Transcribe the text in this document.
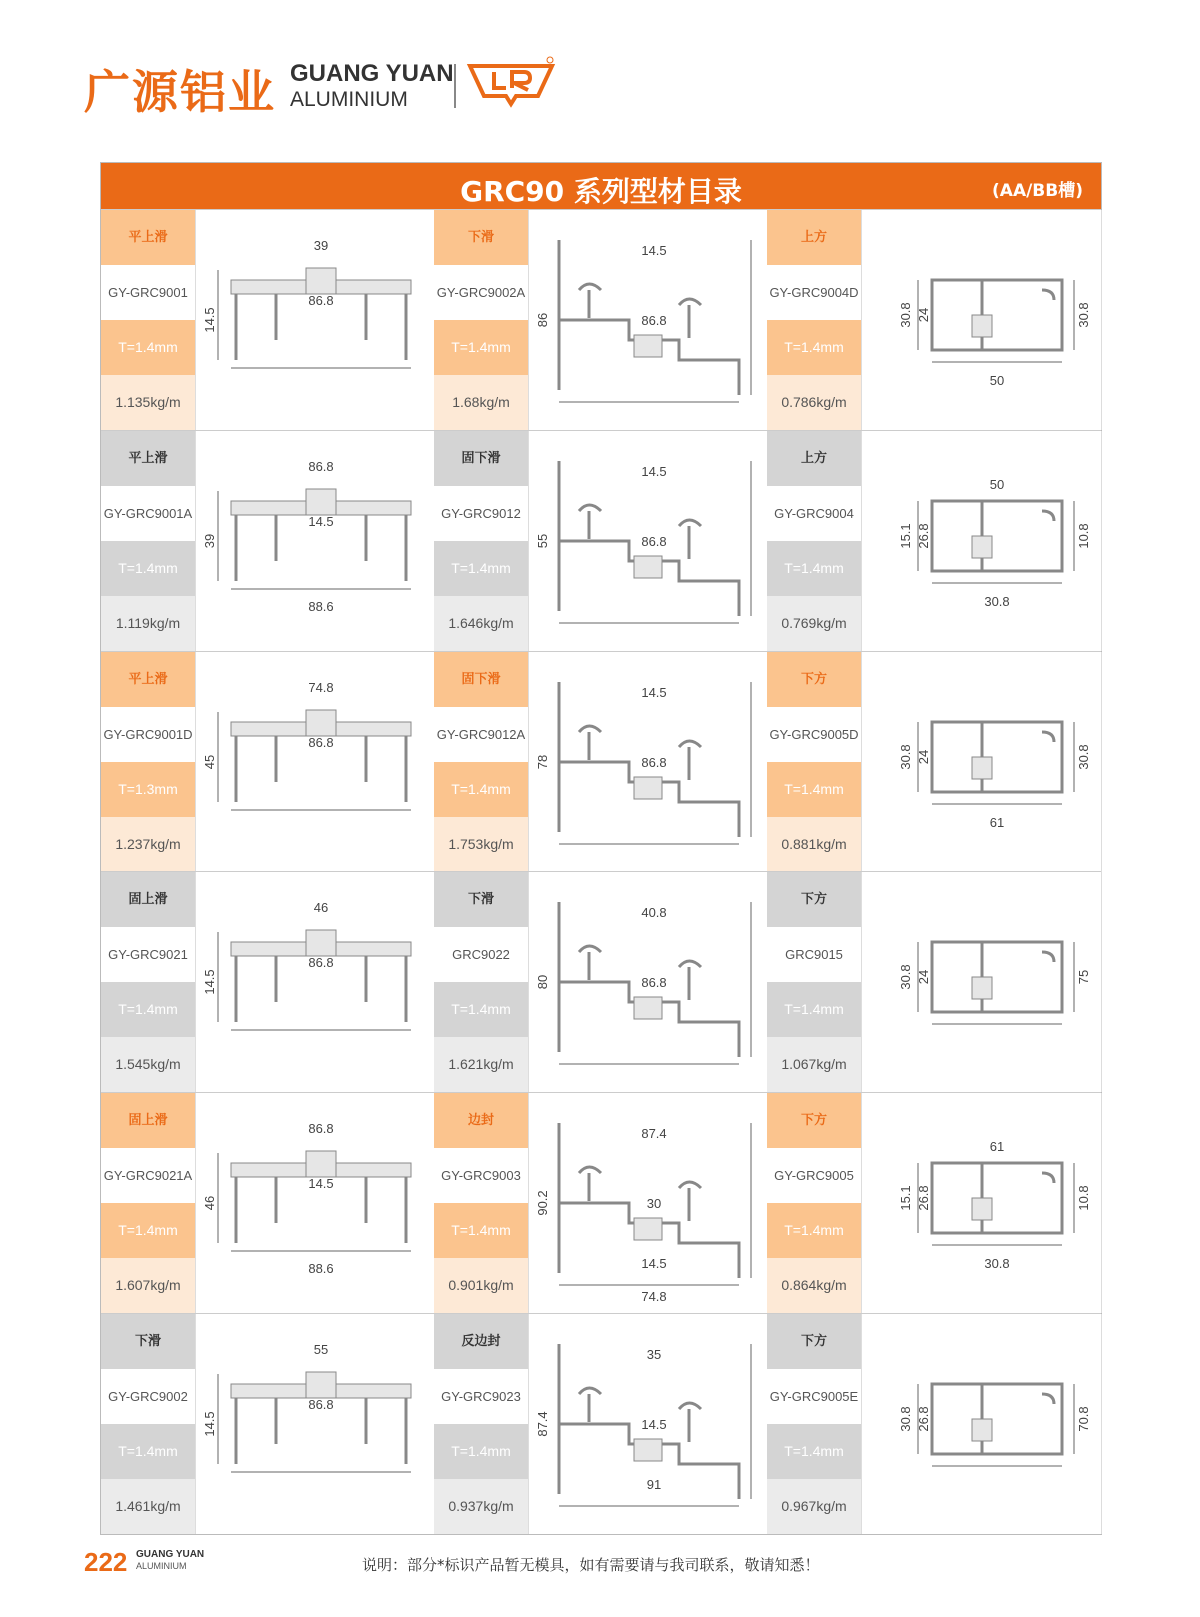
广源铝业 GUANG YUAN
ALUMINIUM
GRC90 系列型材目录	(AA/BB槽)
平上滑
GY-GRC9001
T=1.4mm
1.135kg/m
39
14.5
86.8
下滑
GY-GRC9002A
T=1.4mm
1.68kg/m
86
14.5
86.8
上方
GY-GRC9004D
T=1.4mm
0.786kg/m
30.8 24	30.8
50
平上滑
GY-GRC9001A
T=1.4mm
1.119kg/m
86.8
39
14.5
88.6
固下滑
GY-GRC9012
T=1.4mm
1.646kg/m
55
14.5
86.8
上方
GY-GRC9004
T=1.4mm
0.769kg/m
15.1 26.8	10.8
30.8
50
平上滑
GY-GRC9001D
T=1.3mm
1.237kg/m
74.8
45
86.8
固下滑
GY-GRC9012A
T=1.4mm
1.753kg/m
78
14.5
86.8
下方
GY-GRC9005D
T=1.4mm
0.881kg/m
30.8 24	30.8
61
固上滑
GY-GRC9021
T=1.4mm
1.545kg/m
46
14.5
86.8
下滑
GRC9022
T=1.4mm
1.621kg/m
80
40.8
86.8
下方
GRC9015
T=1.4mm
1.067kg/m
30.8 24	75
固上滑
GY-GRC9021A
T=1.4mm
1.607kg/m
86.8
46
14.5
88.6
边封
GY-GRC9003
T=1.4mm
0.901kg/m
90.2
87.4
30
14.5
74.8
下方
GY-GRC9005
T=1.4mm
0.864kg/m
15.1 26.8	10.8
30.8
61
下滑
GY-GRC9002
T=1.4mm
1.461kg/m
55
14.5
86.8
反边封
GY-GRC9023
T=1.4mm
0.937kg/m
87.4
35
14.5
91
下方
GY-GRC9005E
T=1.4mm
0.967kg/m
30.8 26.8	70.8
222 GUANG YUAN
ALUMINIUM	说明：部分*标识产品暂无模具，如有需要请与我司联系，敬请知悉！
